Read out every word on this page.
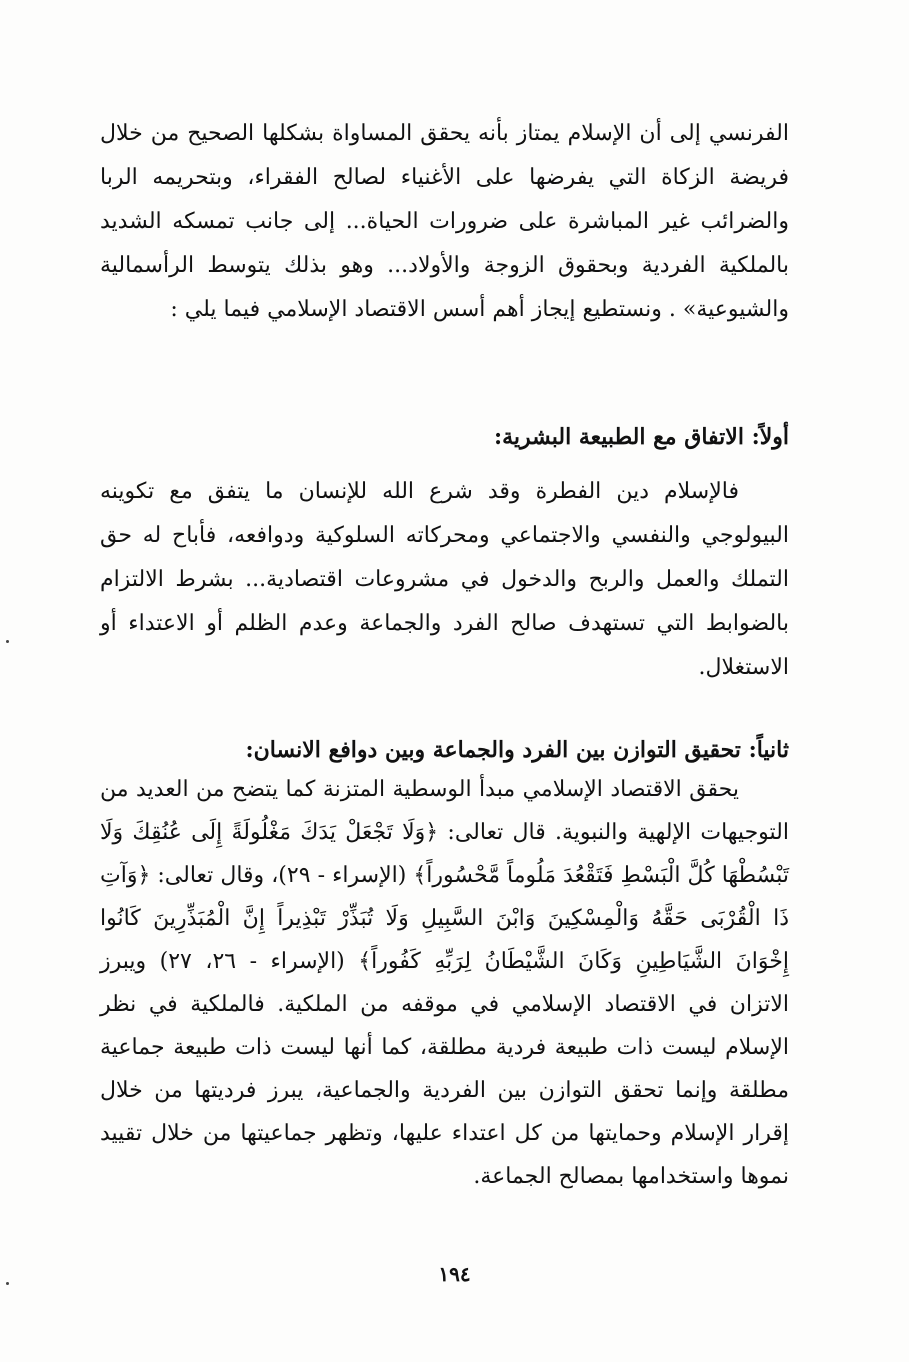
الفرنسي إلى أن الإسلام يمتاز بأنه يحقق المساواة بشكلها الصحيح من خلال فريضة الزكاة التي يفرضها على الأغنياء لصالح الفقراء، وبتحريمه الربا والضرائب غير المباشرة على ضرورات الحياة... إلى جانب تمسكه الشديد بالملكية الفردية وبحقوق الزوجة والأولاد... وهو بذلك يتوسط الرأسمالية والشيوعية» . ونستطيع إيجاز أهم أسس الاقتصاد الإسلامي فيما يلي :

أولاً: الاتفاق مع الطبيعة البشرية:

فالإسلام دين الفطرة وقد شرع الله للإنسان ما يتفق مع تكوينه البيولوجي والنفسي والاجتماعي ومحركاته السلوكية ودوافعه، فأباح له حق التملك والعمل والربح والدخول في مشروعات اقتصادية... بشرط الالتزام بالضوابط التي تستهدف صالح الفرد والجماعة وعدم الظلم أو الاعتداء أو الاستغلال.

ثانياً: تحقيق التوازن بين الفرد والجماعة وبين دوافع الانسان:

يحقق الاقتصاد الإسلامي مبدأ الوسطية المتزنة كما يتضح من العديد من التوجيهات الإلهية والنبوية. قال تعالى: ﴿وَلَا تَجْعَلْ يَدَكَ مَغْلُولَةً إِلَى عُنُقِكَ وَلَا تَبْسُطْهَا كُلَّ الْبَسْطِ فَتَقْعُدَ مَلُوماً مَّحْسُوراً﴾ (الإسراء - ٢٩)، وقال تعالى: ﴿وَآتِ ذَا الْقُرْبَى حَقَّهُ وَالْمِسْكِينَ وَابْنَ السَّبِيلِ وَلَا تُبَذِّرْ تَبْذِيراً إِنَّ الْمُبَذِّرِينَ كَانُوا إِخْوَانَ الشَّيَاطِينِ وَكَانَ الشَّيْطَانُ لِرَبِّهِ كَفُوراً﴾ (الإسراء - ٢٦، ٢٧) ويبرز الاتزان في الاقتصاد الإسلامي في موقفه من الملكية. فالملكية في نظر الإسلام ليست ذات طبيعة فردية مطلقة، كما أنها ليست ذات طبيعة جماعية مطلقة وإنما تحقق التوازن بين الفردية والجماعية، يبرز فرديتها من خلال إقرار الإسلام وحمايتها من كل اعتداء عليها، وتظهر جماعيتها من خلال تقييد نموها واستخدامها بمصالح الجماعة.

١٩٤
